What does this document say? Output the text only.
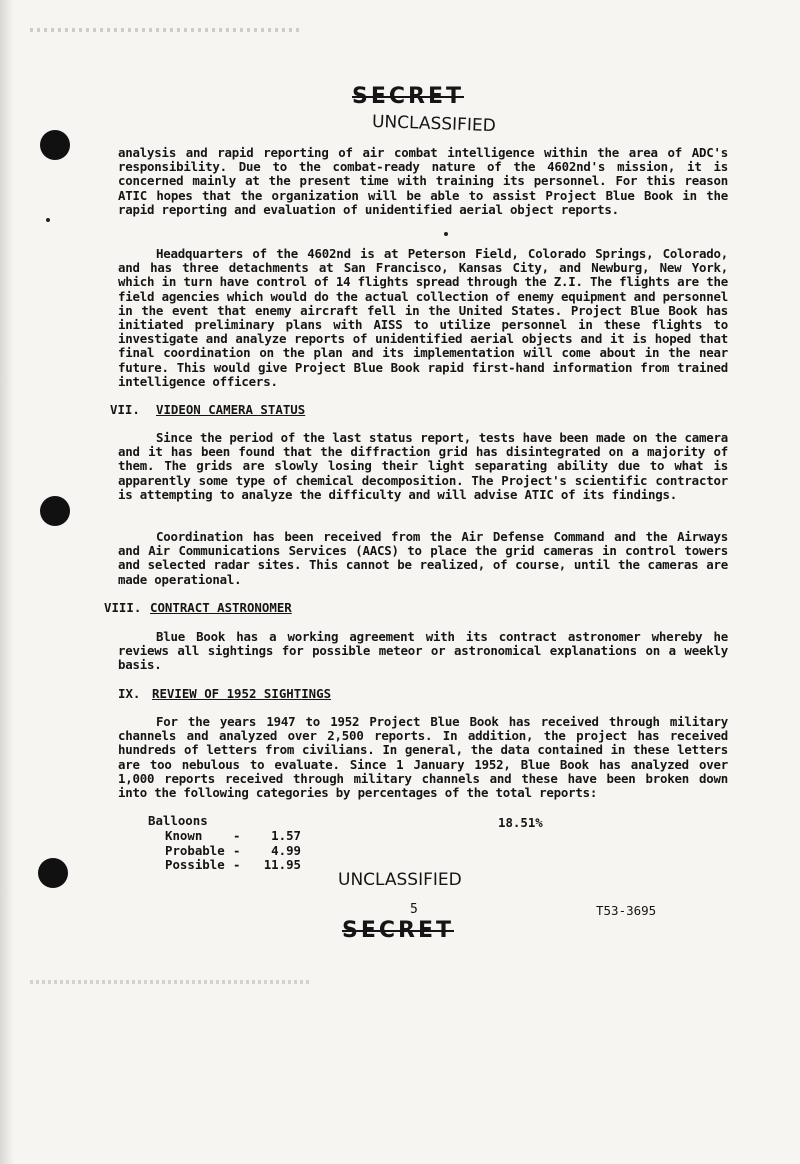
SECRET
UNCLASSIFIED

analysis and rapid reporting of air combat intelligence within the area of ADC's responsibility. Due to the combat-ready nature of the 4602nd's mission, it is concerned mainly at the present time with training its personnel. For this reason ATIC hopes that the organization will be able to assist Project Blue Book in the rapid reporting and evaluation of unidentified aerial object reports.

Headquarters of the 4602nd is at Peterson Field, Colorado Springs, Colorado, and has three detachments at San Francisco, Kansas City, and Newburg, New York, which in turn have control of 14 flights spread through the Z.I. The flights are the field agencies which would do the actual collection of enemy equipment and personnel in the event that enemy aircraft fell in the United States. Project Blue Book has initiated preliminary plans with AISS to utilize personnel in these flights to investigate and analyze reports of unidentified aerial objects and it is hoped that final coordination on the plan and its implementation will come about in the near future. This would give Project Blue Book rapid first-hand information from trained intelligence officers.

VII. VIDEON CAMERA STATUS

Since the period of the last status report, tests have been made on the camera and it has been found that the diffraction grid has disintegrated on a majority of them. The grids are slowly losing their light separating ability due to what is apparently some type of chemical decomposition. The Project's scientific contractor is attempting to analyze the difficulty and will advise ATIC of its findings.

Coordination has been received from the Air Defense Command and the Airways and Air Communications Services (AACS) to place the grid cameras in control towers and selected radar sites. This cannot be realized, of course, until the cameras are made operational.

VIII. CONTRACT ASTRONOMER

Blue Book has a working agreement with its contract astronomer whereby he reviews all sightings for possible meteor or astronomical explanations on a weekly basis.

IX. REVIEW OF 1952 SIGHTINGS

For the years 1947 to 1952 Project Blue Book has received through military channels and analyzed over 2,500 reports. In addition, the project has received hundreds of letters from civilians. In general, the data contained in these letters are too nebulous to evaluate. Since 1 January 1952, Blue Book has analyzed over 1,000 reports received through military channels and these have been broken down into the following categories by percentages of the total reports:

Balloons	18.51%
Known - 1.57
Probable - 4.99
Possible - 11.95
UNCLASSIFIED
5	T53-3695
SECRET
